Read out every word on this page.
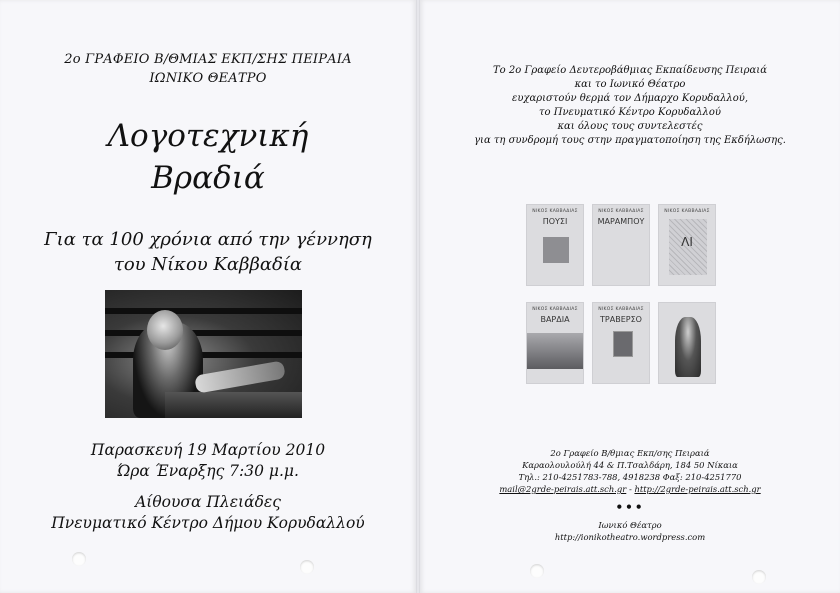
2ο ΓΡΑΦΕΙΟ Β/ΘΜΙΑΣ ΕΚΠ/ΣΗΣ ΠΕΙΡΑΙΑ
ΙΩΝΙΚΟ ΘΕΑΤΡΟ
Λογοτεχνική
Βραδιά
Για τα 100 χρόνια από την γέννηση
του Νίκου Καββαδία
Παρασκευή 19 Μαρτίου 2010
Ώρα Έναρξης 7:30 μ.μ.
Αίθουσα Πλειάδες
Πνευματικό Κέντρο Δήμου Κορυδαλλού
Το 2ο Γραφείο Δευτεροβάθμιας Εκπαίδευσης Πειραιά
και το Ιωνικό Θέατρο
ευχαριστούν θερμά τον Δήμαρχο Κορυδαλλού,
το Πνευματικό Κέντρο Κορυδαλλού
και όλους τους συντελεστές
για τη συνδρομή τους στην πραγματοποίηση της Εκδήλωσης.
ΝΙΚΟΣ ΚΑΒΒΑΔΙΑΣ
ΠΟΥΣΙ
ΝΙΚΟΣ ΚΑΒΒΑΔΙΑΣ
ΜΑΡΑΜΠΟΥ
ΝΙΚΟΣ ΚΑΒΒΑΔΙΑΣ
ΛΙ
ΝΙΚΟΣ ΚΑΒΒΑΔΙΑΣ
ΒΑΡΔΙΑ
ΝΙΚΟΣ ΚΑΒΒΑΔΙΑΣ
ΤΡΑΒΕΡΣΟ
2ο Γραφείο Β/θμιας Εκπ/σης Πειραιά
Καραολουλούλή 44 & Π.Τσαλδάρη, 184 50 Νίκαια
Τηλ.: 210-4251783-788, 4918238 Φαξ: 210-4251770
mail@2grde-peirais.att.sch.gr - http://2grde-peirais.att.sch.gr
•••
Ιωνικό Θέατρο
http://ionikotheatro.wordpress.com
